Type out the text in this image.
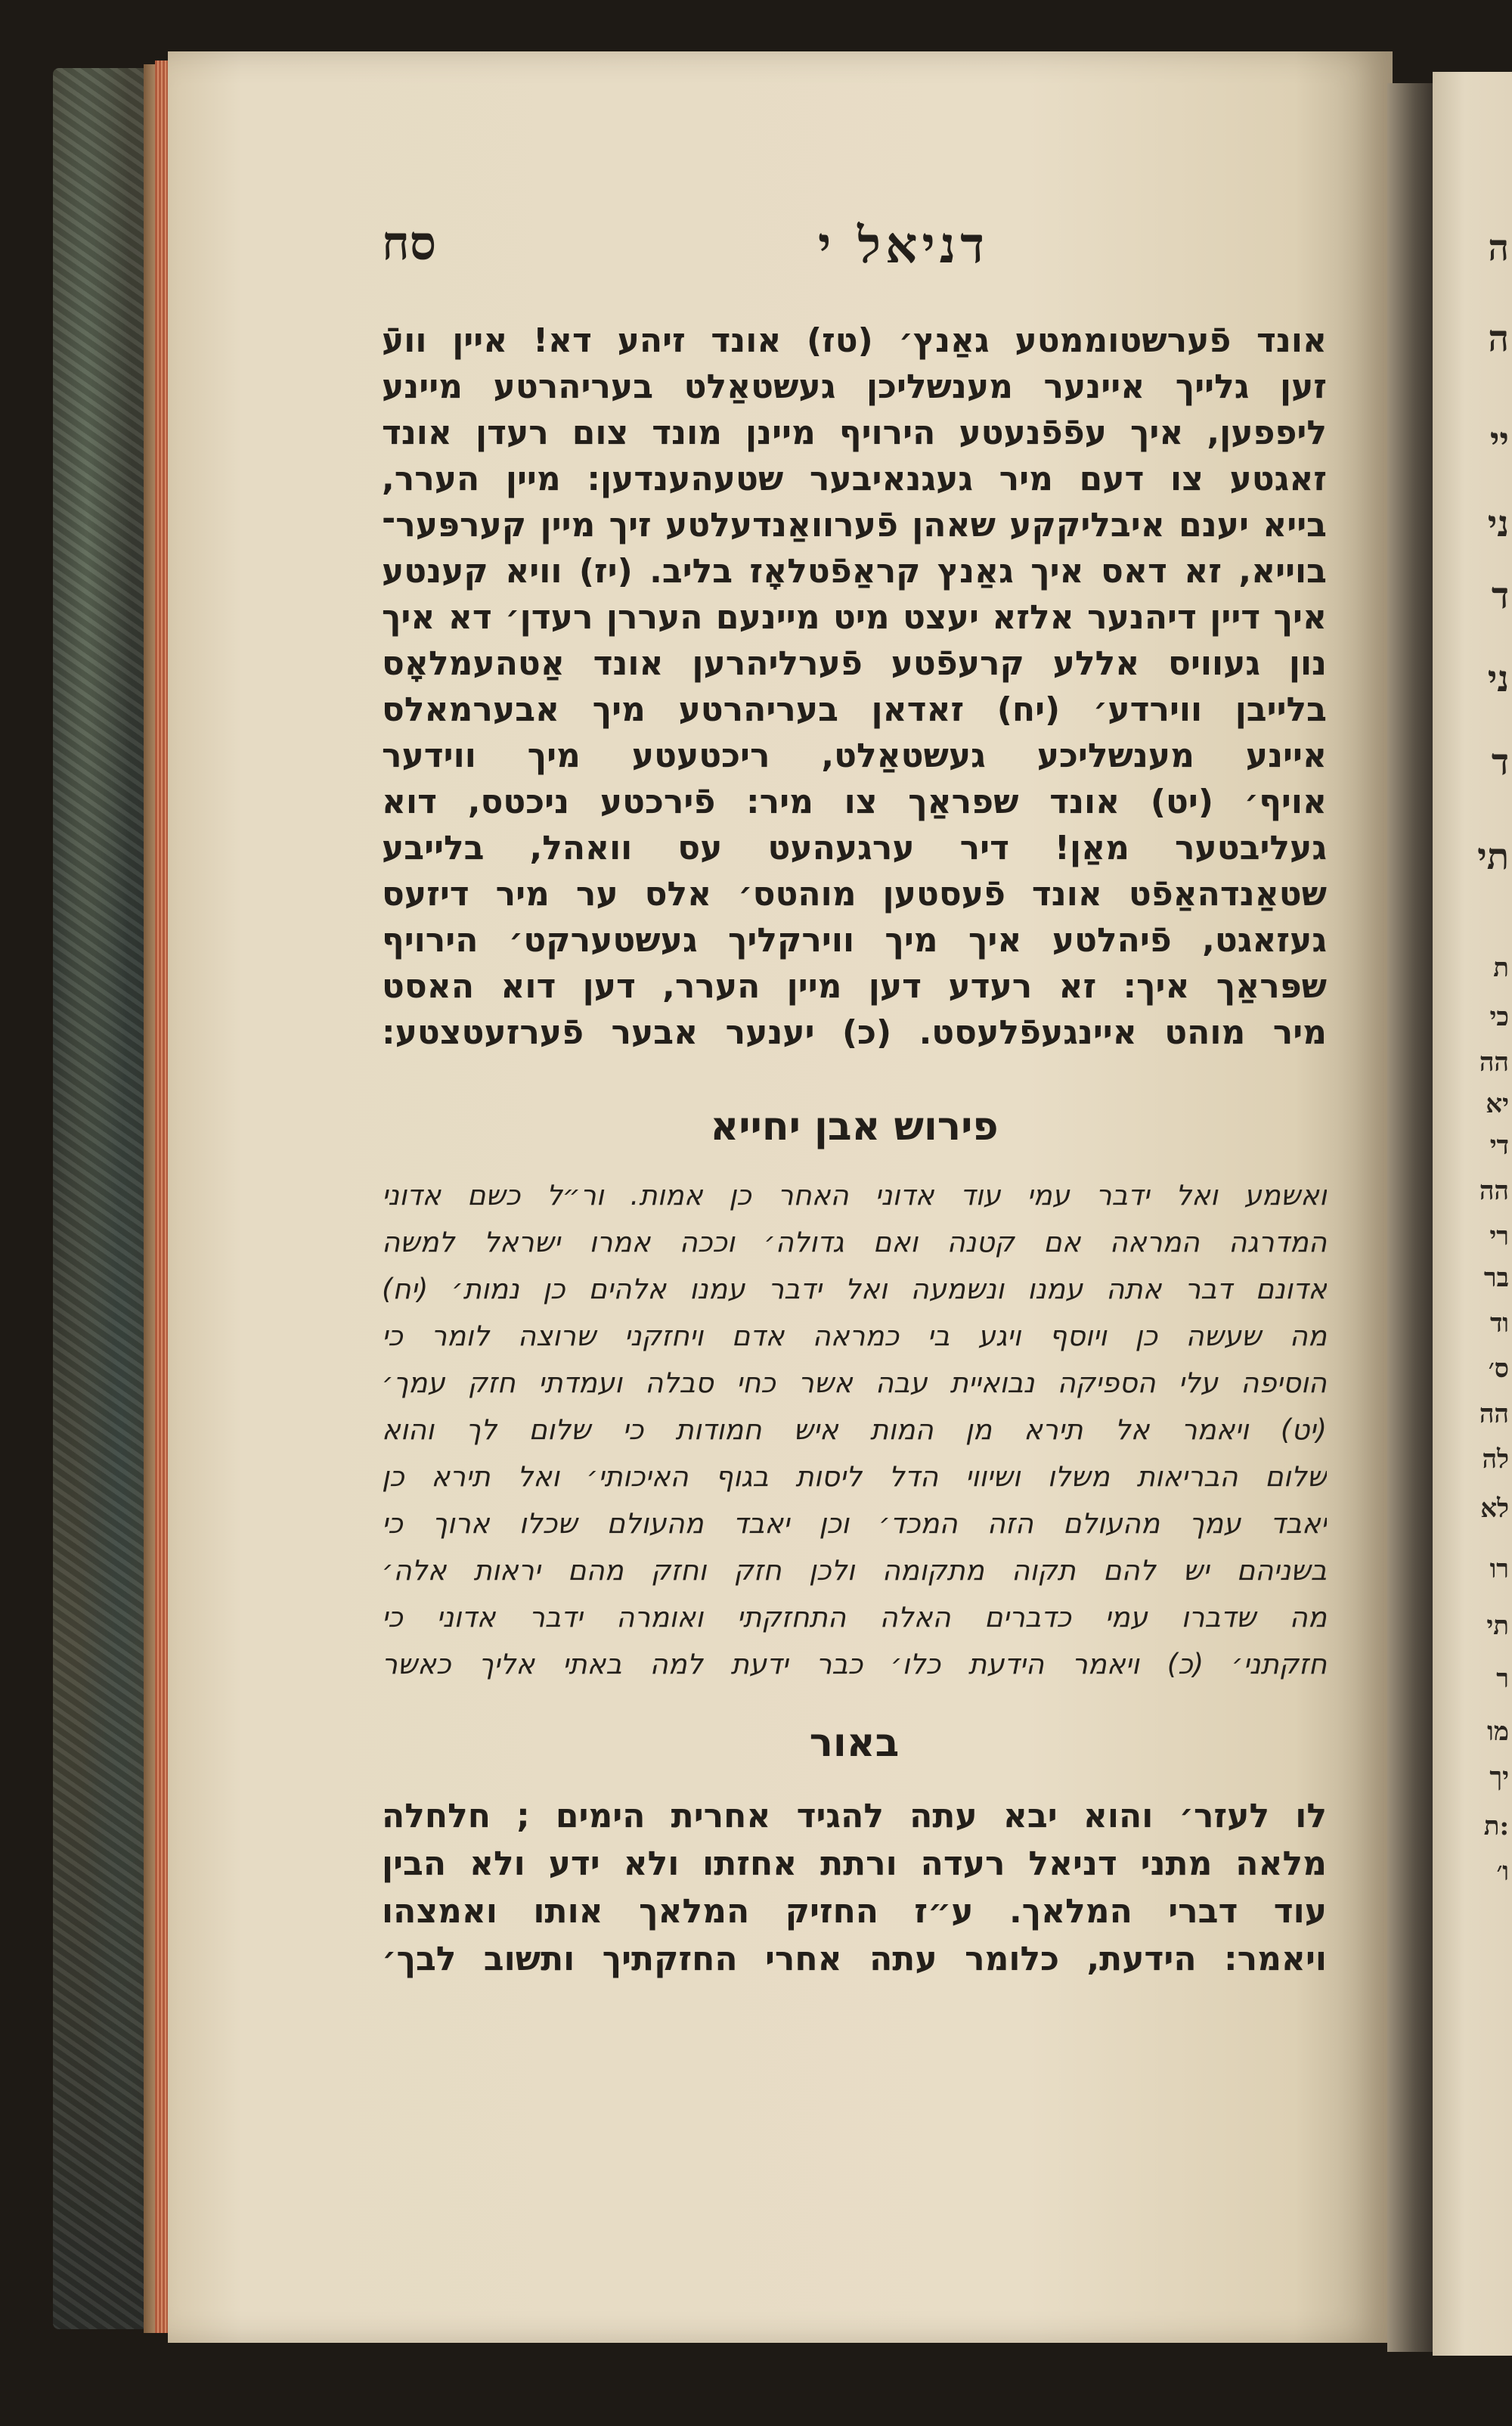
ה
ה
יי
ני
ד
ני
ד
תי
ת
כי
הה
יא
די
הה
רי
בר
וד
ס׳
הה
לה
לא
רו
תי
ר
מו
יך
ת:
ו׳
סח	דניאל י
אונד פֿערשטוממטע גאַנץ׳ (טז) אונד זיהע דא! איין וועֿ
זען גלייך איינער מענשליכן געשטאַלט בעריהרטע מיינע
ליפפען, איך עפֿפֿנעטע הירויף מיינן מונד צום רעדן אונד
זאגטע צו דעם מיר געגנאיבער שטעהענדען: מיין הערר,
בייא יענם איבליקקע שאהן פֿערוואַנדעלטע זיך מיין קערפּער־
בוייא, זא דאס איך גאַנץ קראַפֿטלאָז בליב. (יז) וויא קענטע
איך דיין דיהנער אלזא יעצט מיט מיינעם העררן רעדן׳ דא איך
נון געוויס אללע קרעפֿטע פֿערליהרען אונד אַטהעמלאָס
בלייבן ווירדע׳ (יח) זאדאן בעריהרטע מיך אבערמאלס
איינע מענשליכע געשטאַלט, ריכטעטע מיך ווידער
אויף׳ (יט) אונד שפראַך צו מיר: פֿירכטע ניכטס, דוא
געליבטער מאַן! דיר ערגעהעט עס וואהל, בלייבע
שטאַנדהאַפֿט אונד פֿעסטען מוהטס׳ אלס ער מיר דיזעס
געזאגט, פֿיהלטע איך מיך ווירקליך געשטערקט׳ הירויף
שפּראַך איך: זא רעדע דען מיין הערר, דען דוא האסט
מיר מוהט איינגעפֿלעסט. (כ) יענער אבער פֿערזעטצטע:
פירוש אבן יחייא
ואשמע ואל ידבר עמי עוד אדוני האחר כן אמות. ור״ל כשם אדוני
המדרגה המראה אם קטנה ואם גדולה׳ וככה אמרו ישראל למשה
אדונם דבר אתה עמנו ונשמעה ואל ידבר עמנו אלהים כן נמות׳ (יח)
מה שעשה כן ויוסף ויגע בי כמראה אדם ויחזקני שרוצה לומר כי
הוסיפה עלי הספיקה נבואיית עבה אשר כחי סבלה ועמדתי חזק עמך׳
(יט) ויאמר אל תירא מן המות איש חמודות כי שלום לך והוא
שלום הבריאות משלו ושיווי הדל ליסות בגוף האיכותי׳ ואל תירא כן
יאבד עמך מהעולם הזה המכד׳ וכן יאבד מהעולם שכלו ארוך כי
בשניהם יש להם תקוה מתקומה ולכן חזק וחזק מהם יראות אלה׳
מה שדברו עמי כדברים האלה התחזקתי ואומרה ידבר אדוני כי
חזקתני׳ (כ) ויאמר הידעת כלו׳ כבר ידעת למה באתי אליך כאשר
באור
לו לעזר׳ והוא יבא עתה להגיד אחרית הימים ; חלחלה
מלאה מתני דניאל רעדה ורתת אחזתו ולא ידע ולא הבין
עוד דברי המלאך. ע״ז החזיק המלאך אותו ואמצהו
ויאמר: הידעת, כלומר עתה אחרי החזקתיך ותשוב לבך׳
